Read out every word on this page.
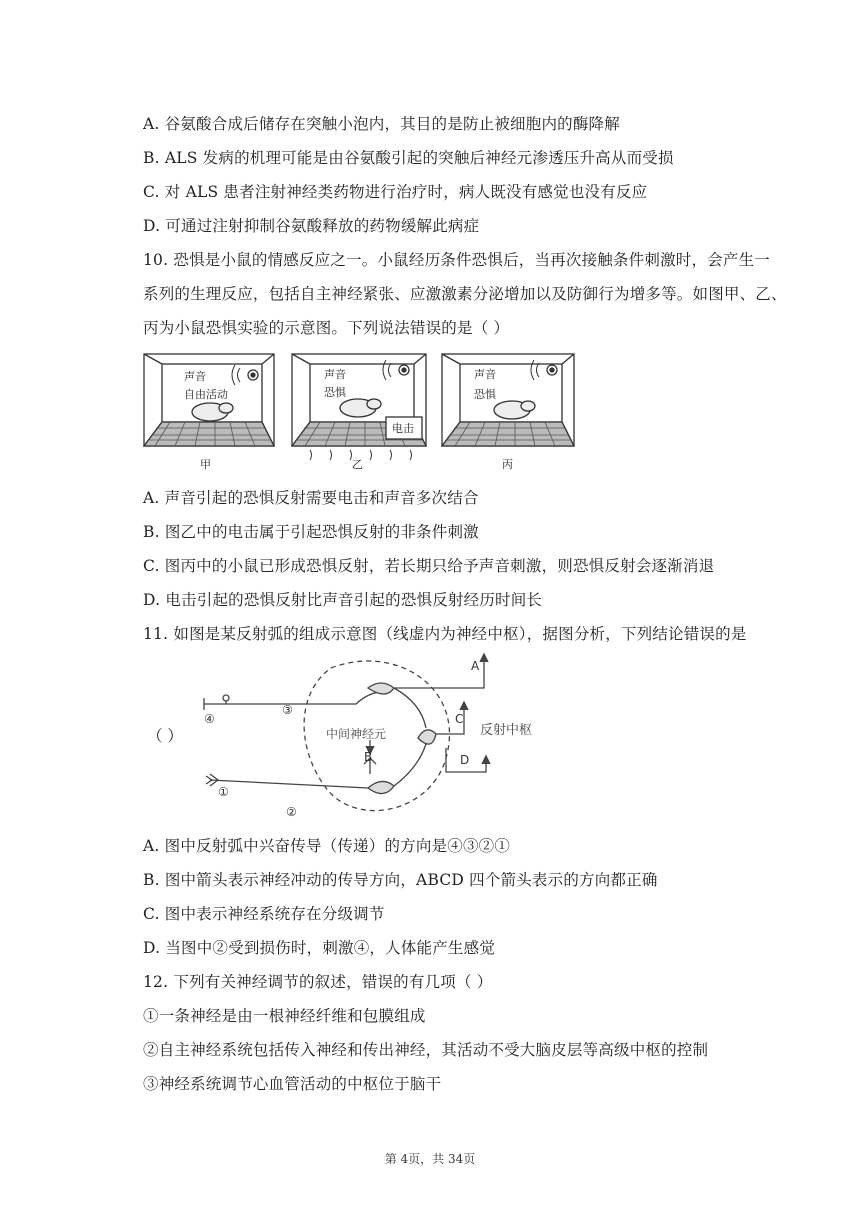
A. 谷氨酸合成后储存在突触小泡内，其目的是防止被细胞内的酶降解
B. ALS 发病的机理可能是由谷氨酸引起的突触后神经元渗透压升高从而受损
C. 对 ALS 患者注射神经类药物进行治疗时，病人既没有感觉也没有反应
D. 可通过注射抑制谷氨酸释放的药物缓解此病症
10. 恐惧是小鼠的情感反应之一。小鼠经历条件恐惧后，当再次接触条件刺激时，会产生一
系列的生理反应，包括自主神经紧张、应激激素分泌增加以及防御行为增多等。如图甲、乙、
丙为小鼠恐惧实验的示意图。下列说法错误的是（ ）
声音
自由活动
甲
声音
恐惧
电击
乙
声音
恐惧
丙
A. 声音引起的恐惧反射需要电击和声音多次结合
B. 图乙中的电击属于引起恐惧反射的非条件刺激
C. 图丙中的小鼠已形成恐惧反射，若长期只给予声音刺激，则恐惧反射会逐渐消退
D. 电击引起的恐惧反射比声音引起的恐惧反射经历时间长
11. 如图是某反射弧的组成示意图（线虚内为神经中枢），据图分析，下列结论错误的是
（ ）
A
B
C
D
④
③
①
②
中间神经元	反射中枢
A. 图中反射弧中兴奋传导（传递）的方向是④③②①
B. 图中箭头表示神经冲动的传导方向，ABCD 四个箭头表示的方向都正确
C. 图中表示神经系统存在分级调节
D. 当图中②受到损伤时，刺激④，人体能产生感觉
12. 下列有关神经调节的叙述，错误的有几项（ ）
①一条神经是由一根神经纤维和包膜组成
②自主神经系统包括传入神经和传出神经，其活动不受大脑皮层等高级中枢的控制
③神经系统调节心血管活动的中枢位于脑干
第 4页，共 34页
